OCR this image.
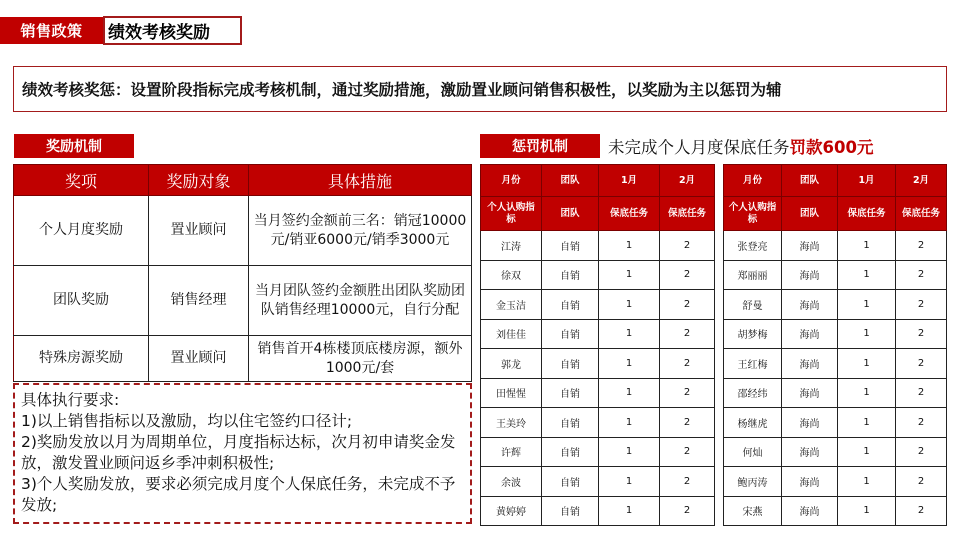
销售政策	绩效考核奖励
绩效考核奖惩：设置阶段指标完成考核机制，通过奖励措施，激励置业顾问销售积极性，以奖励为主以惩罚为辅
奖励机制
奖项	奖励对象	具体措施
个人月度奖励	置业顾问	当月签约金额前三名：销冠10000元/销亚6000元/销季3000元
团队奖励	销售经理	当月团队签约金额胜出团队奖励团队销售经理10000元，自行分配
特殊房源奖励	置业顾问	销售首开4栋楼顶底楼房源，额外1000元/套
具体执行要求:
1)以上销售指标以及激励，均以住宅签约口径计;
2)奖励发放以月为周期单位，月度指标达标，次月初申请奖金发放，激发置业顾问返乡季冲刺积极性;
3)个人奖励发放，要求必须完成月度个人保底任务，未完成不予发放;
惩罚机制	未完成个人月度保底任务 罚款600元
月份	团队	1月	2月
个人认购指标	团队	保底任务	保底任务
江涛	自销	1	2
徐双	自销	1	2
金玉洁	自销	1	2
刘佳佳	自销	1	2
郭龙	自销	1	2
田惺惺	自销	1	2
王美玲	自销	1	2
许辉	自销	1	2
余波	自销	1	2
黄婷婷	自销	1	2
月份	团队	1月	2月
个人认购指标	团队	保底任务	保底任务
张登亮	海尚	1	2
郑丽丽	海尚	1	2
舒曼	海尚	1	2
胡梦梅	海尚	1	2
王红梅	海尚	1	2
邵经纬	海尚	1	2
杨继虎	海尚	1	2
何灿	海尚	1	2
鲍丙涛	海尚	1	2
宋燕	海尚	1	2
